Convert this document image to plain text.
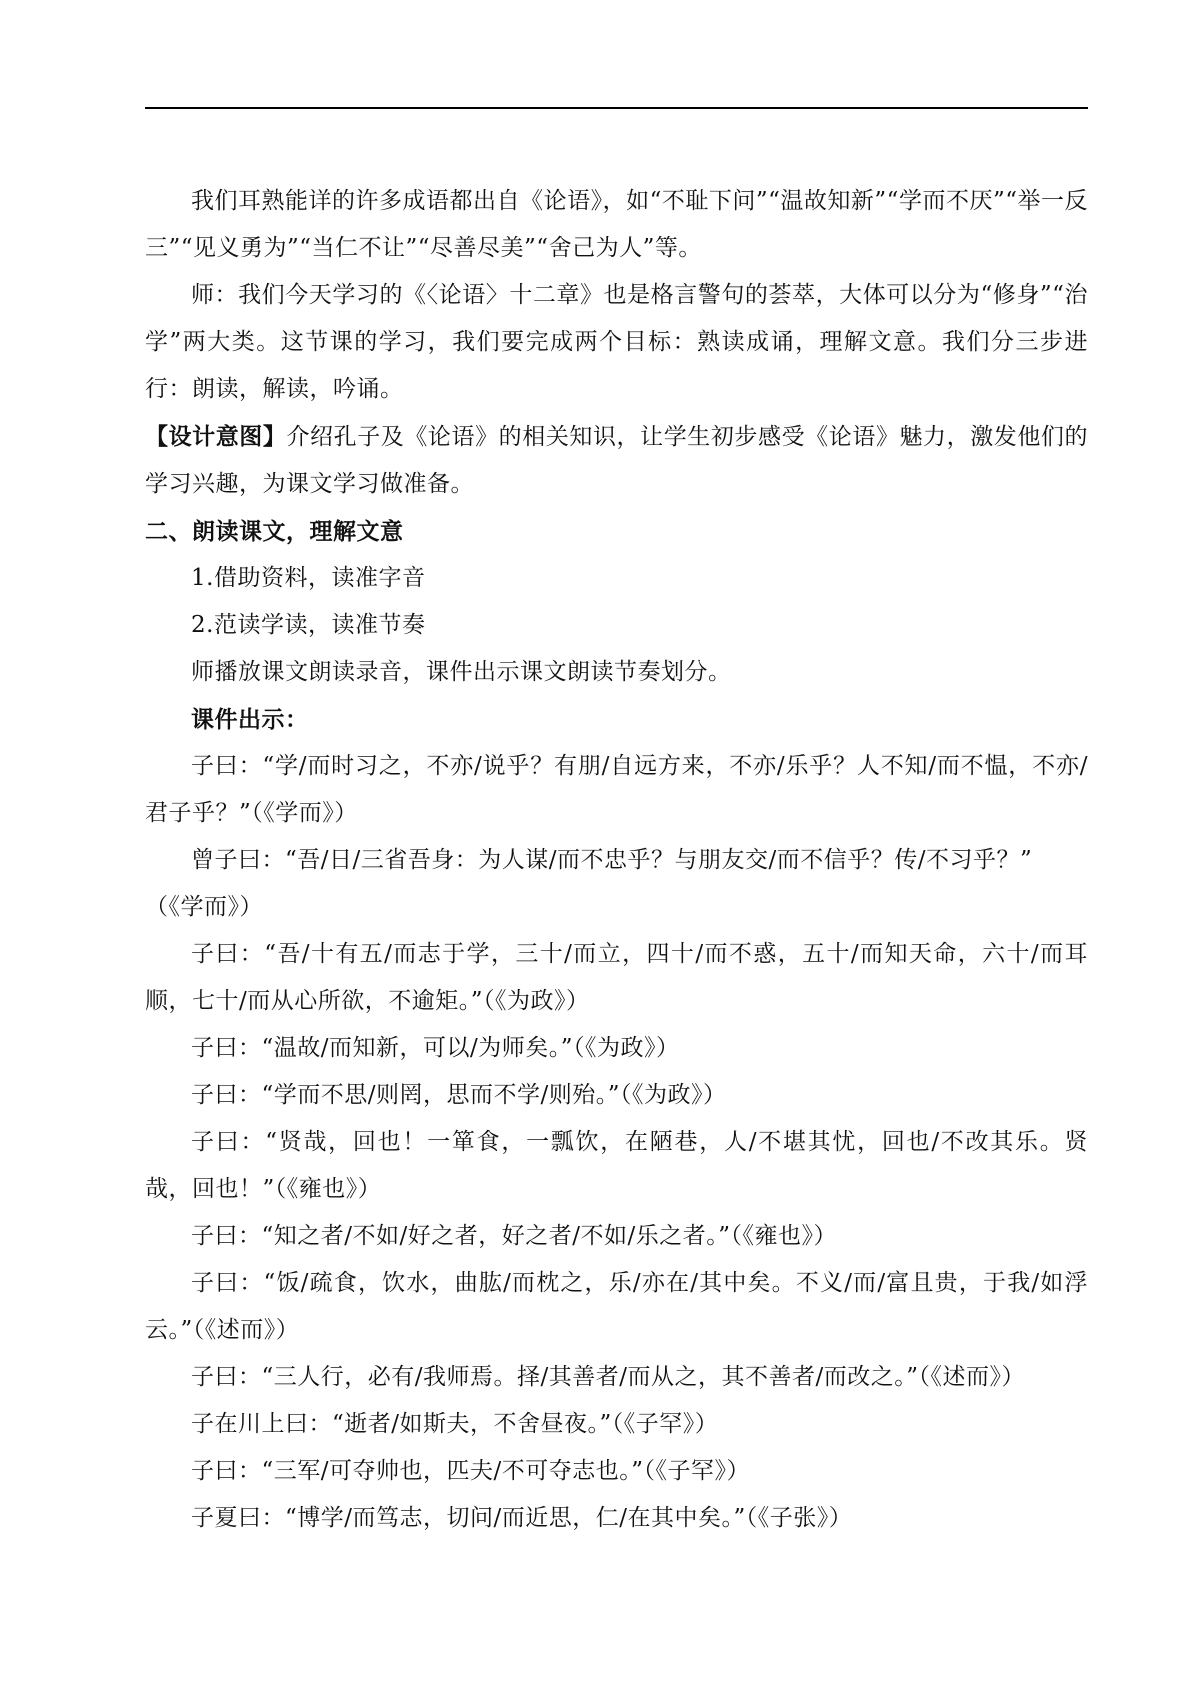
我们耳熟能详的许多成语都出自《论语》，如“不耻下问”“温故知新”“学而不厌”“举一反三”“见义勇为”“当仁不让”“尽善尽美”“舍己为人”等。

师：我们今天学习的《〈论语〉十二章》也是格言警句的荟萃，大体可以分为“修身”“治学”两大类。这节课的学习，我们要完成两个目标：熟读成诵，理解文意。我们分三步进行：朗读，解读，吟诵。

【设计意图】介绍孔子及《论语》的相关知识，让学生初步感受《论语》魅力，激发他们的学习兴趣，为课文学习做准备。

二、朗读课文，理解文意

1.借助资料，读准字音

2.范读学读，读准节奏

师播放课文朗读录音，课件出示课文朗读节奏划分。

课件出示：

子曰：“学/而时习之，不亦/说乎？有朋/自远方来，不亦/乐乎？人不知/而不愠，不亦/君子乎？”（《学而》）

曾子曰：“吾/日/三省吾身：为人谋/而不忠乎？与朋友交/而不信乎？传/不习乎？”

（《学而》）

子曰：“吾/十有五/而志于学，三十/而立，四十/而不惑，五十/而知天命，六十/而耳顺，七十/而从心所欲，不逾矩。”（《为政》）

子曰：“温故/而知新，可以/为师矣。”（《为政》）

子曰：“学而不思/则罔，思而不学/则殆。”（《为政》）

子曰：“贤哉，回也！一箪食，一瓢饮，在陋巷，人/不堪其忧，回也/不改其乐。贤哉，回也！”（《雍也》）

子曰：“知之者/不如/好之者，好之者/不如/乐之者。”（《雍也》）

子曰：“饭/疏食，饮水，曲肱/而枕之，乐/亦在/其中矣。不义/而/富且贵，于我/如浮云。”（《述而》）

子曰：“三人行，必有/我师焉。择/其善者/而从之，其不善者/而改之。”（《述而》）

子在川上曰：“逝者/如斯夫，不舍昼夜。”（《子罕》）

子曰：“三军/可夺帅也，匹夫/不可夺志也。”（《子罕》）

子夏曰：“博学/而笃志，切问/而近思，仁/在其中矣。”（《子张》）
